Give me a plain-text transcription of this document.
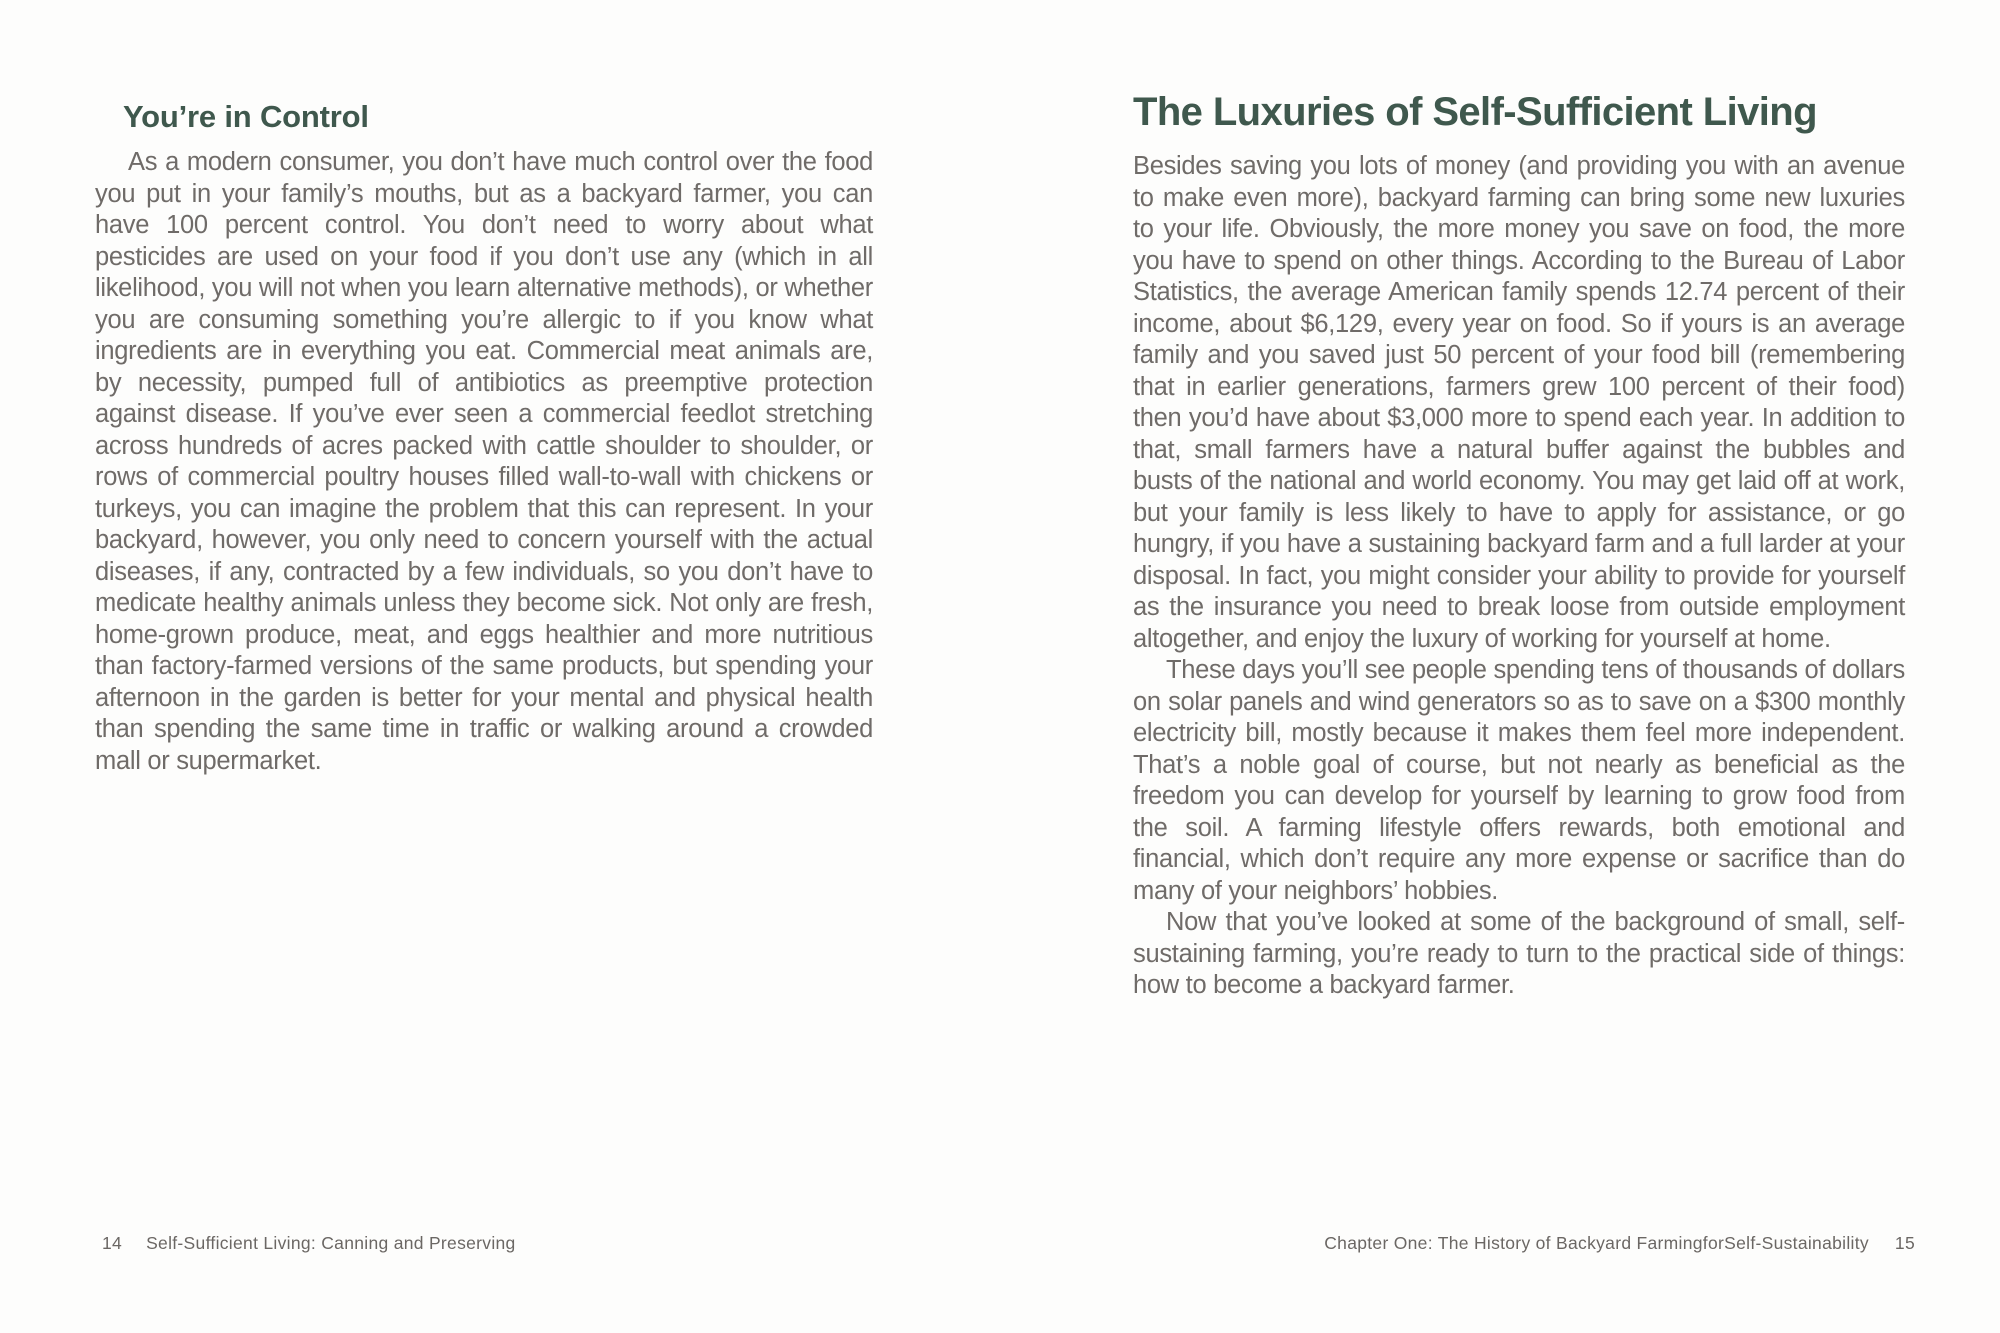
You’re in Control

As a modern consumer, you don’t have much control over the food you put in your family’s mouths, but as a backyard farmer, you can have 100 percent control. You don’t need to worry about what pesticides are used on your food if you don’t use any (which in all likelihood, you will not when you learn alternative methods), or whether you are consuming something you’re allergic to if you know what ingredients are in everything you eat. Commercial meat animals are, by necessity, pumped full of antibiotics as preemptive protection against disease. If you’ve ever seen a commercial feedlot stretching across hundreds of acres packed with cattle shoulder to shoulder, or rows of commercial poultry houses filled wall-to-wall with chickens or turkeys, you can imagine the problem that this can represent. In your backyard, however, you only need to concern yourself with the actual diseases, if any, contracted by a few individuals, so you don’t have to medicate healthy animals unless they become sick. Not only are fresh, home-grown produce, meat, and eggs healthier and more nutritious than factory-farmed versions of the same products, but spending your afternoon in the garden is better for your mental and physical health than spending the same time in traffic or walking around a crowded mall or supermarket.

The Luxuries of Self-Sufficient Living

Besides saving you lots of money (and providing you with an avenue to make even more), backyard farming can bring some new luxuries to your life. Obviously, the more money you save on food, the more you have to spend on other things. According to the Bureau of Labor Statistics, the average American family spends 12.74 percent of their income, about $6,129, every year on food. So if yours is an average family and you saved just 50 percent of your food bill (remembering that in earlier generations, farmers grew 100 percent of their food) then you’d have about $3,000 more to spend each year. In addition to that, small farmers have a natural buffer against the bubbles and busts of the national and world economy. You may get laid off at work, but your family is less likely to have to apply for assistance, or go hungry, if you have a sustaining backyard farm and a full larder at your disposal. In fact, you might consider your ability to provide for yourself as the insurance you need to break loose from outside employment altogether, and enjoy the luxury of working for yourself at home.

These days you’ll see people spending tens of thousands of dollars on solar panels and wind generators so as to save on a $300 monthly electricity bill, mostly because it makes them feel more independent. That’s a noble goal of course, but not nearly as beneficial as the freedom you can develop for yourself by learning to grow food from the soil. A farming lifestyle offers rewards, both emotional and financial, which don’t require any more expense or sacrifice than do many of your neighbors’ hobbies.

Now that you’ve looked at some of the background of small, self-sustaining farming, you’re ready to turn to the practical side of things: how to become a backyard farmer.

14 Self-Sufficient Living: Canning and Preserving	Chapter One: The History of Backyard FarmingforSelf-Sustainability 15
